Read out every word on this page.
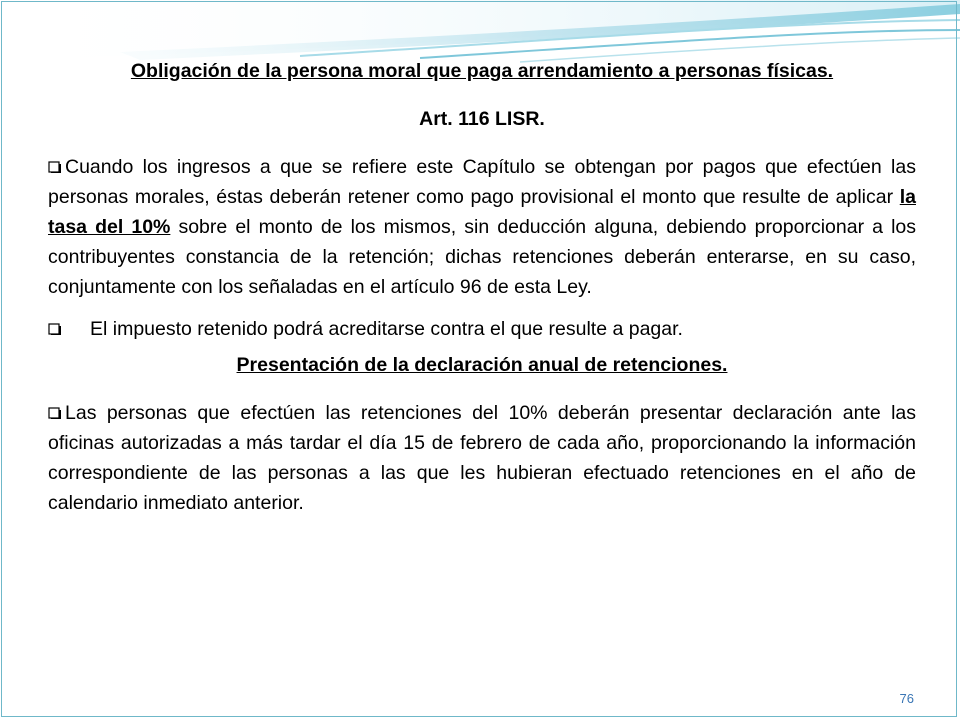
Obligación de la persona moral que paga arrendamiento a personas físicas.

Art. 116 LISR.

Cuando los ingresos a que se refiere este Capítulo se obtengan por pagos que efectúen las personas morales, éstas deberán retener como pago provisional el monto que resulte de aplicar la tasa del 10% sobre el monto de los mismos, sin deducción alguna, debiendo proporcionar a los contribuyentes constancia de la retención; dichas retenciones deberán enterarse, en su caso, conjuntamente con los señaladas en el artículo 96 de esta Ley.

El impuesto retenido podrá acreditarse contra el que resulte a pagar.

Presentación de la declaración anual de retenciones.

Las personas que efectúen las retenciones del 10% deberán presentar declaración ante las oficinas autorizadas a más tardar el día 15 de febrero de cada año, proporcionando la información correspondiente de las personas a las que les hubieran efectuado retenciones en el año de calendario inmediato anterior.

76
